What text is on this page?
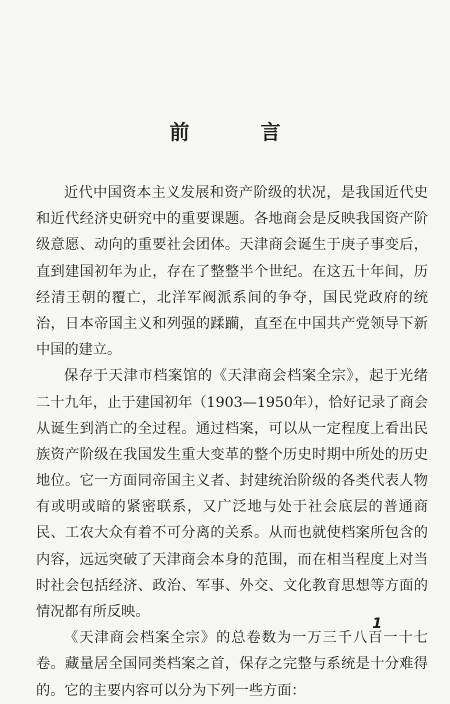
前 言
近代中国资本主义发展和资产阶级的状况，是我国近代史
和近代经济史研究中的重要课题。各地商会是反映我国资产阶
级意愿、动向的重要社会团体。天津商会诞生于庚子事变后，
直到建国初年为止，存在了整整半个世纪。在这五十年间，历
经清王朝的覆亡，北洋军阀派系间的争夺，国民党政府的统
治，日本帝国主义和列强的蹂躏，直至在中国共产党领导下新
中国的建立。
保存于天津市档案馆的《天津商会档案全宗》，起于光绪
二十九年，止于建国初年（1903—1950年），恰好记录了商会
从诞生到消亡的全过程。通过档案，可以从一定程度上看出民
族资产阶级在我国发生重大变革的整个历史时期中所处的历史
地位。它一方面同帝国主义者、封建统治阶级的各类代表人物
有或明或暗的紧密联系，又广泛地与处于社会底层的普通商
民、工农大众有着不可分离的关系。从而也就使档案所包含的
内容，远远突破了天津商会本身的范围，而在相当程度上对当
时社会包括经济、政治、军事、外交、文化教育思想等方面的
情况都有所反映。
《天津商会档案全宗》的总卷数为一万三千八百一十七
卷。藏量居全国同类档案之首，保存之完整与系统是十分难得
的。它的主要内容可以分为下列一些方面：
1
